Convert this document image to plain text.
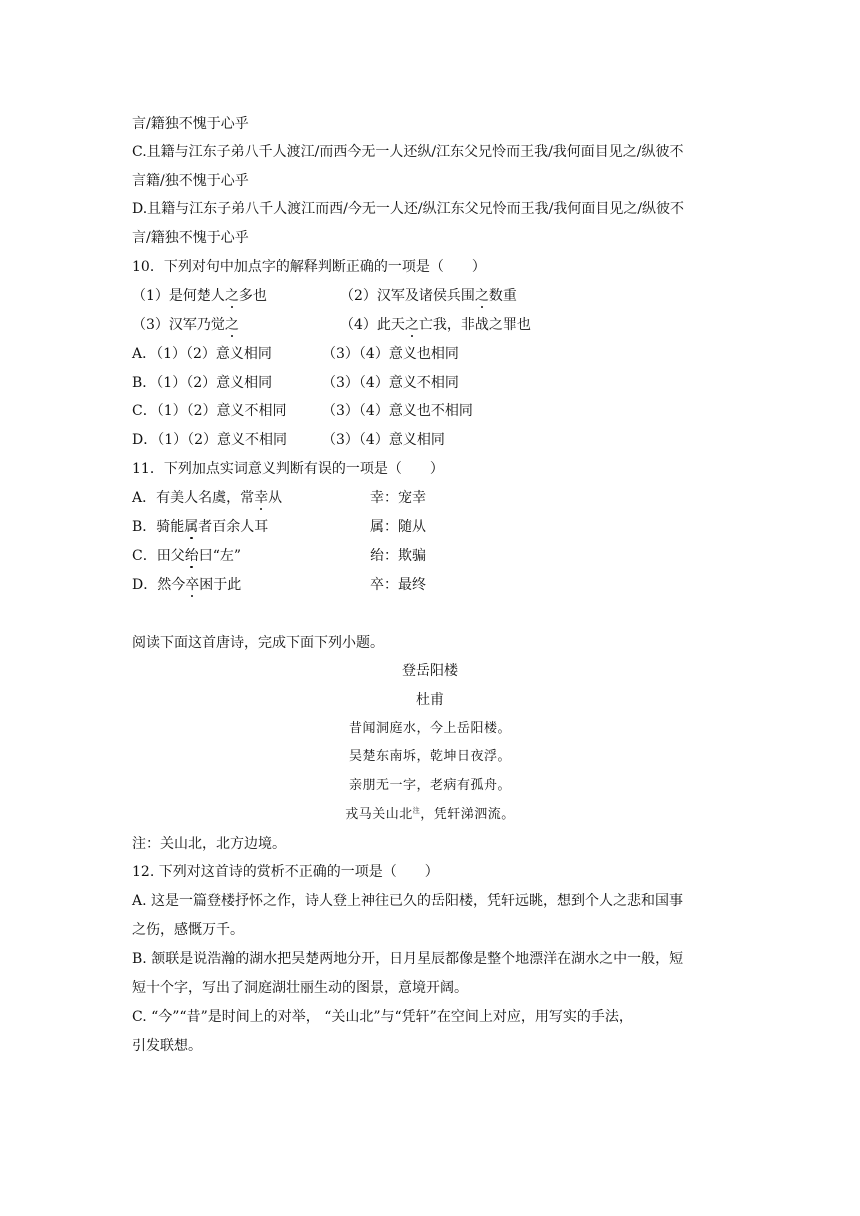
言/籍独不愧于心乎
C.且籍与江东子弟八千人渡江/而西今无一人还纵/江东父兄怜而王我/我何面目见之/纵彼不
言籍/独不愧于心乎
D.且籍与江东子弟八千人渡江而西/今无一人还/纵江东父兄怜而王我/我何面目见之/纵彼不
言/籍独不愧于心乎
10．下列对句中加点字的解释判断正确的一项是（　　）
（1）是何楚人之多也	（2）汉军及诸侯兵围之数重
（3）汉军乃觉之	（4）此天之亡我，非战之罪也
A．（1）（2）意义相同	（3）（4）意义也相同
B．（1）（2）意义相同	（3）（4）意义不相同
C．（1）（2）意义不相同	（3）（4）意义也不相同
D．（1）（2）意义不相同 （3）（4）意义相同
11．下列加点实词意义判断有误的一项是（　　）
A．有美人名虞，常幸从	幸：宠幸
B．骑能属者百余人耳	属：随从
C．田父绐曰“左”	绐：欺骗
D．然今卒困于此	卒：最终
阅读下面这首唐诗，完成下面下列小题。
登岳阳楼
杜甫
昔闻洞庭水，今上岳阳楼。
吴楚东南坼，乾坤日夜浮。
亲朋无一字，老病有孤舟。
戎马关山北$^注$，凭轩涕泗流。
注：关山北，北方边境。
12. 下列对这首诗的赏析不正确的一项是（　　）
A. 这是一篇登楼抒怀之作，诗人登上神往已久的岳阳楼，凭轩远眺，想到个人之悲和国事
之伤，感慨万千。
B. 颔联是说浩瀚的湖水把吴楚两地分开，日月星辰都像是整个地漂洋在湖水之中一般，短
短十个字，写出了洞庭湖壮丽生动的图景，意境开阔。
C. “今”“昔”是时间上的对举， “关山北”与“凭轩”在空间上对应，用写实的手法，
引发联想。
